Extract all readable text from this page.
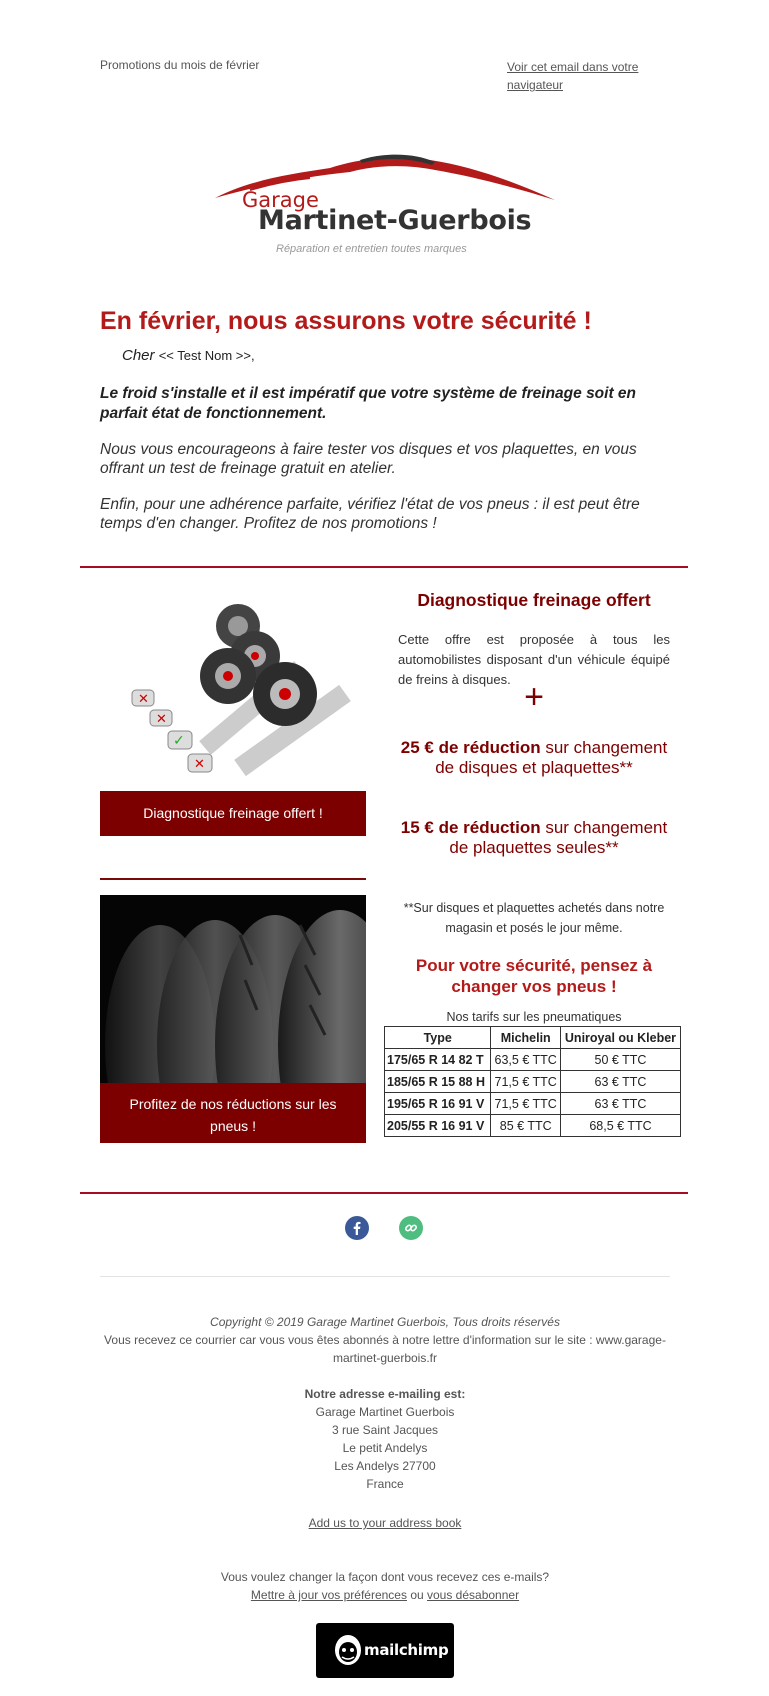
Promotions du mois de février	Voir cet email dans votre navigateur
Garage
Martinet-Guerbois
Réparation et entretien toutes marques
En février, nous assurons votre sécurité !
Cher << Test Nom >>,
Le froid s'installe et il est impératif que votre système de freinage soit en parfait état de fonctionnement.
Nous vous encourageons à faire tester vos disques et vos plaquettes, en vous offrant un test de freinage gratuit en atelier.
Enfin, pour une adhérence parfaite, vérifiez l'état de vos pneus : il est peut être temps d'en changer. Profitez de nos promotions !
✕
✕
✓
✕
Diagnostique freinage offert !
Profitez de nos réductions sur les pneus !
Diagnostique freinage offert
Cette offre est proposée à tous les automobilistes disposant d'un véhicule équipé de freins à disques. +
25 € de réduction sur changement de disques et plaquettes**
15 € de réduction sur changement de plaquettes seules**
**Sur disques et plaquettes achetés dans notre magasin et posés le jour même.
Pour votre sécurité, pensez à changer vos pneus !
Nos tarifs sur les pneumatiques
Type	Michelin	Uniroyal ou Kleber
175/65 R 14 82 T	63,5 € TTC	50 € TTC
185/65 R 15 88 H	71,5 € TTC	63 € TTC
195/65 R 16 91 V	71,5 € TTC	63 € TTC
205/55 R 16 91 V	85 € TTC	68,5 € TTC
Copyright © 2019 Garage Martinet Guerbois, Tous droits réservés
Vous recevez ce courrier car vous vous êtes abonnés à notre lettre d'information sur le site : www.garage-martinet-guerbois.fr
Notre adresse e-mailing est:
Garage Martinet Guerbois
3 rue Saint Jacques
Le petit Andelys
Les Andelys 27700
France
Add us to your address book
Vous voulez changer la façon dont vous recevez ces e-mails?
Mettre à jour vos préférences ou vous désabonner
mailchimp
